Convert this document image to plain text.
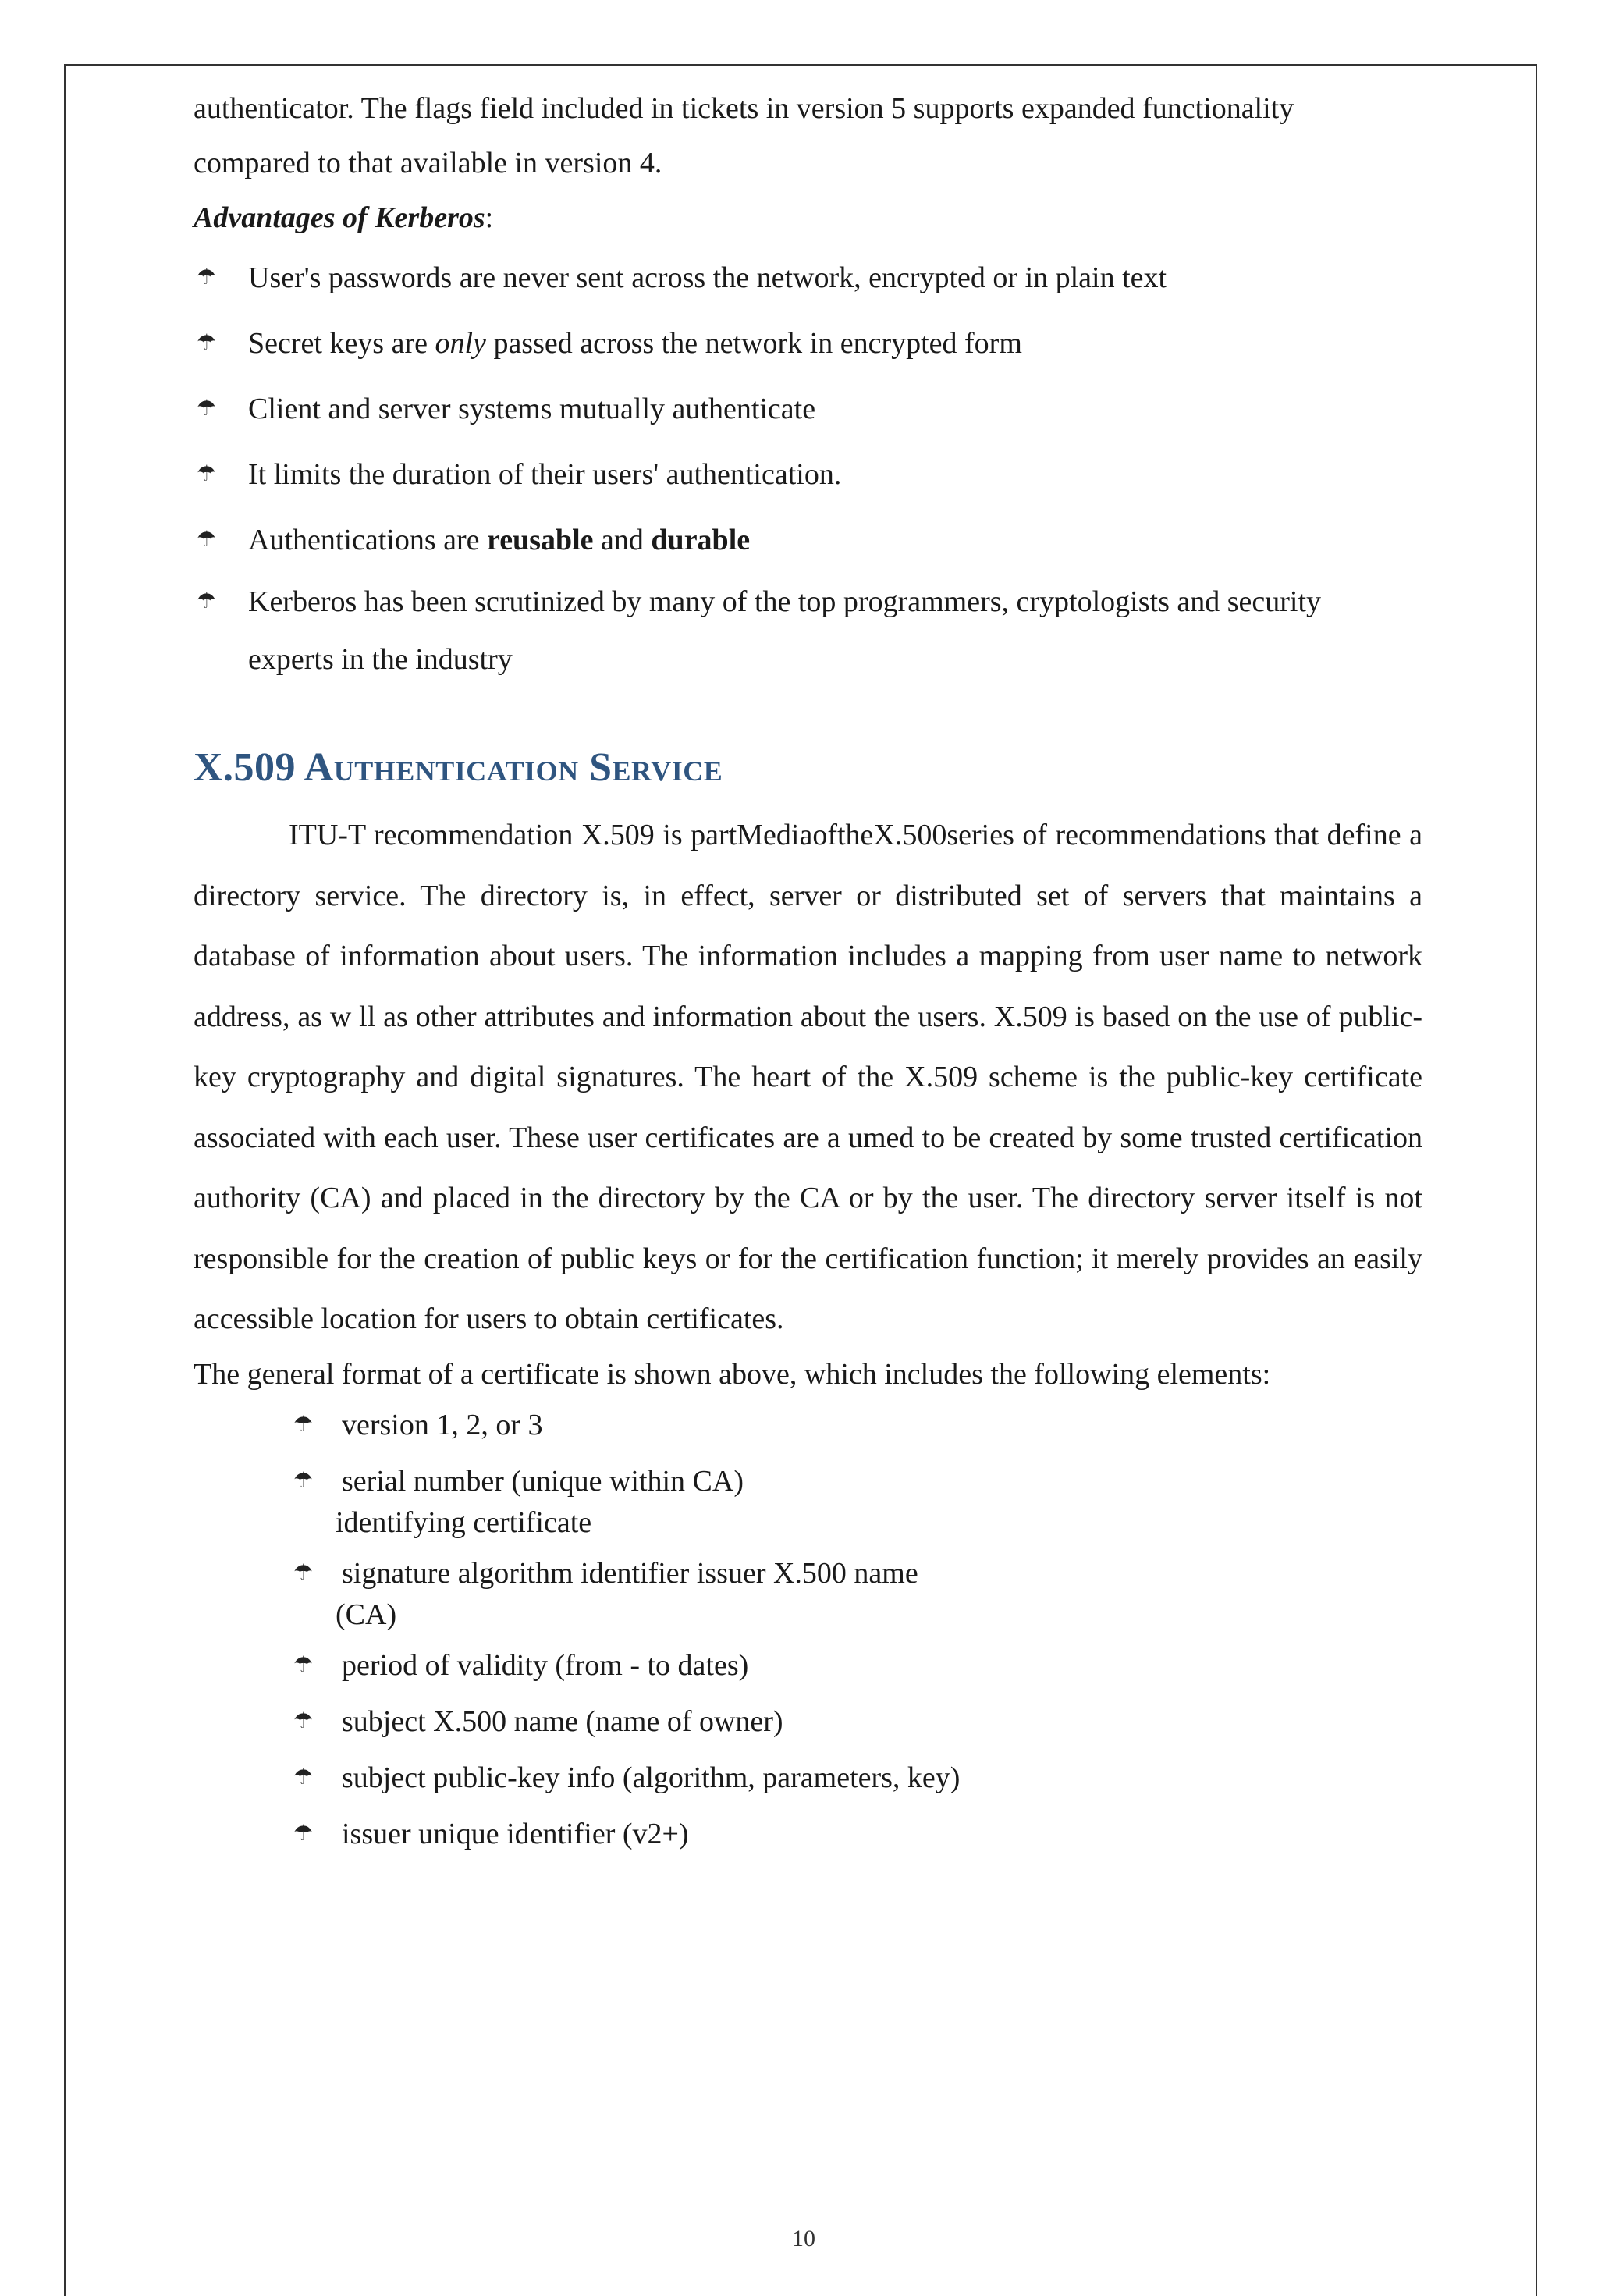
authenticator. The flags field included in tickets in version 5 supports expanded functionality

compared to that available in version 4.

Advantages of Kerberos:

☂ User's passwords are never sent across the network, encrypted or in plain text
☂ Secret keys are only passed across the network in encrypted form
☂ Client and server systems mutually authenticate
☂ It limits the duration of their users' authentication.
☂ Authentications are reusable and durable
☂ Kerberos has been scrutinized by many of the top programmers, cryptologists and security experts in the industry
X.509 Authentication Service

ITU-T recommendation X.509 is partMediaoftheX.500series of recommendations that define a directory service. The directory is, in effect, server or distributed set of servers that maintains a database of information about users. The information includes a mapping from user name to network address, as w ll as other attributes and information about the users. X.509 is based on the use of public-key cryptography and digital signatures. The heart of the X.509 scheme is the public-key certificate associated with each user. These user certificates are a umed to be created by some trusted certification authority (CA) and placed in the directory by the CA or by the user. The directory server itself is not responsible for the creation of public keys or for the certification function; it merely provides an easily accessible location for users to obtain certificates.

The general format of a certificate is shown above, which includes the following elements:

☂ version 1, 2, or 3
☂ serial number (unique within CA)
identifying certificate
☂ signature algorithm identifier issuer X.500 name
(CA)
☂ period of validity (from - to dates)
☂ subject X.500 name (name of owner)
☂ subject public-key info (algorithm, parameters, key)
☂ issuer unique identifier (v2+)
10
